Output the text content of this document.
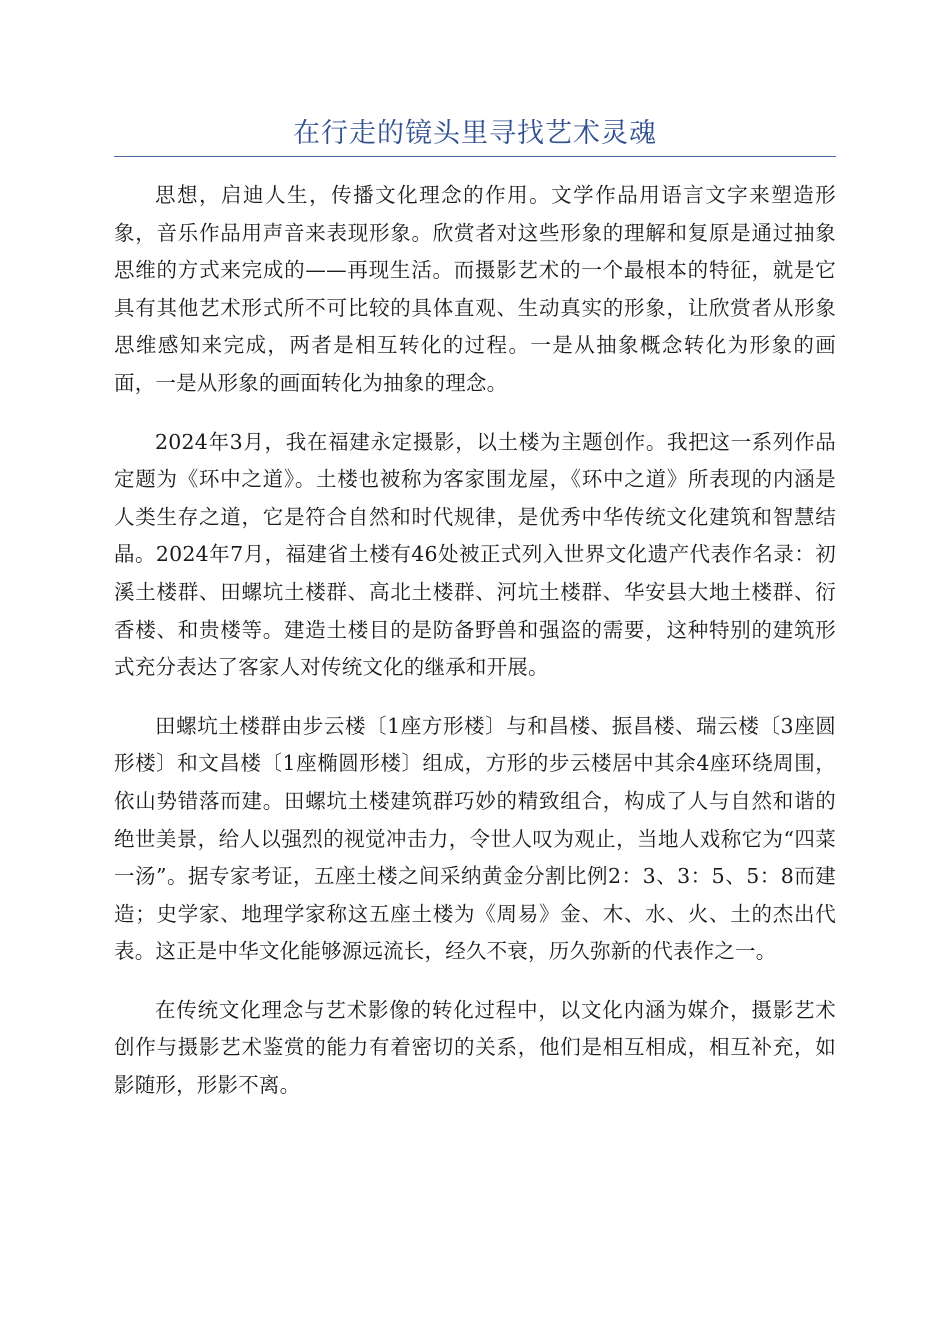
在行走的镜头里寻找艺术灵魂

思想，启迪人生，传播文化理念的作用。文学作品用语言文字来塑造形象，音乐作品用声音来表现形象。欣赏者对这些形象的理解和复原是通过抽象思维的方式来完成的——再现生活。而摄影艺术的一个最根本的特征，就是它具有其他艺术形式所不可比较的具体直观、生动真实的形象，让欣赏者从形象思维感知来完成，两者是相互转化的过程。一是从抽象概念转化为形象的画面，一是从形象的画面转化为抽象的理念。

2024年3月，我在福建永定摄影，以土楼为主题创作。我把这一系列作品定题为《环中之道》。土楼也被称为客家围龙屋，《环中之道》所表现的内涵是人类生存之道，它是符合自然和时代规律，是优秀中华传统文化建筑和智慧结晶。2024年7月，福建省土楼有46处被正式列入世界文化遗产代表作名录：初溪土楼群、田螺坑土楼群、高北土楼群、河坑土楼群、华安县大地土楼群、衍香楼、和贵楼等。建造土楼目的是防备野兽和强盗的需要，这种特别的建筑形式充分表达了客家人对传统文化的继承和开展。

田螺坑土楼群由步云楼〔1座方形楼〕与和昌楼、振昌楼、瑞云楼〔3座圆形楼〕和文昌楼〔1座椭圆形楼〕组成，方形的步云楼居中其余4座环绕周围，依山势错落而建。田螺坑土楼建筑群巧妙的精致组合，构成了人与自然和谐的绝世美景，给人以强烈的视觉冲击力，令世人叹为观止，当地人戏称它为“四菜一汤”。据专家考证，五座土楼之间采纳黄金分割比例2：3、3：5、5：8而建造；史学家、地理学家称这五座土楼为《周易》金、木、水、火、土的杰出代表。这正是中华文化能够源远流长，经久不衰，历久弥新的代表作之一。

在传统文化理念与艺术影像的转化过程中，以文化内涵为媒介，摄影艺术创作与摄影艺术鉴赏的能力有着密切的关系，他们是相互相成，相互补充，如影随形，形影不离。
